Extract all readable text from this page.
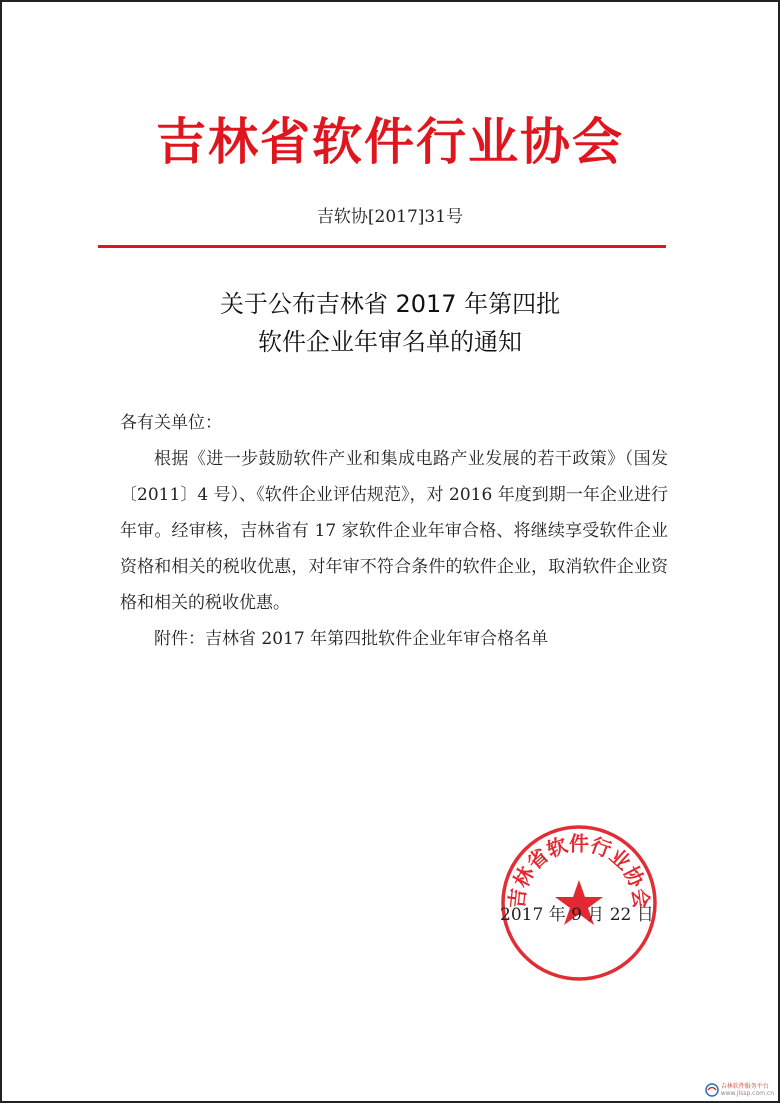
吉林省软件行业协会
吉软协[2017]31号
关于公布吉林省 2017 年第四批
软件企业年审名单的通知

各有关单位：

根据《进一步鼓励软件产业和集成电路产业发展的若干政策》（国发〔2011〕4 号）、《软件企业评估规范》，对 2016 年度到期一年企业进行年审。经审核，吉林省有 17 家软件企业年审合格、将继续享受软件企业资格和相关的税收优惠，对年审不符合条件的软件企业，取消软件企业资格和相关的税收优惠。

附件：吉林省 2017 年第四批软件企业年审合格名单

吉林省软件行业协会
2017 年 9 月 22 日
吉林软件服务平台
www.jlssp.com.cn
